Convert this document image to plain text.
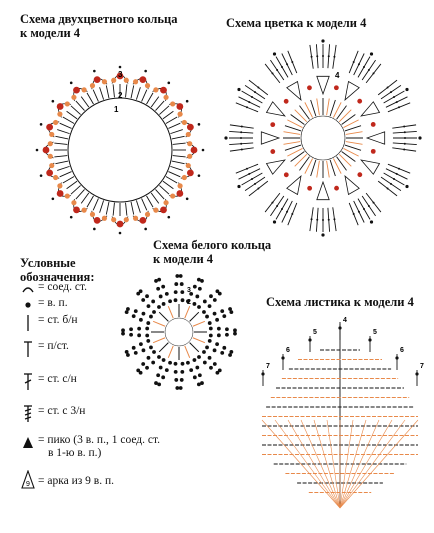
Схема двухцветного кольца
к модели 4
Схема цветка к модели 4
Схема белого кольца
к модели 4
Схема листика к модели 4
Условные
обозначения:
= соед. ст.
= в. п.
= ст. б/н
= п/ст.
= ст. с/н
= ст. с 3/н
= пико (3 в. п., 1 соед. ст.
в 1-ю в. п.)
9 = арка из 9 в. п.
1
2
3	4
2
3
7
6
5
4
5
6
7
